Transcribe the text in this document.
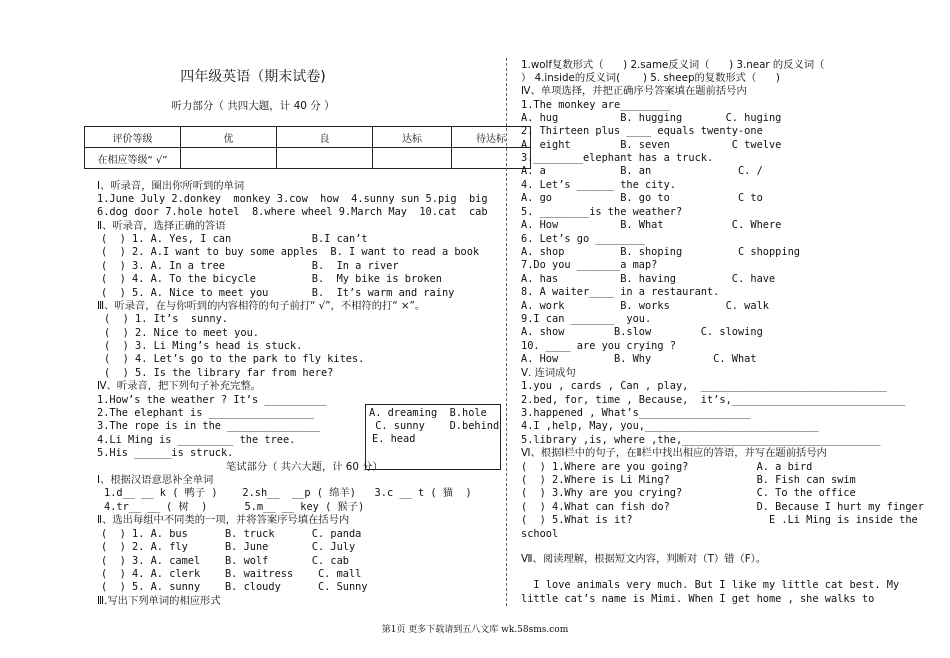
四年级英语（期末试卷)
听力部分（ 共四大题，计 40 分 ）
评价等级	优	良	达标	待达标
在相应等级“ √”				
Ⅰ、听录音，圈出你所听到的单词
1.June July 2.donkey  monkey 3.cow  how  4.sunny sun 5.pig  big
6.dog door 7.hole hotel  8.where wheel 9.March May  10.cat  cab
Ⅱ、听录音，选择正确的答语
(  ) 1. A. Yes, I can             B.I can’t
(  ) 2. A.I want to buy some apples  B. I want to read a book
(  ) 3. A. In a tree              B.  In a river
(  ) 4. A. To the bicycle         B.  My bike is broken
(  ) 5. A. Nice to meet you       B.  It’s warm and rainy
Ⅲ、听录音，在与你听到的内容相符的句子前打“ √”，不相符的打“ ×”。
(  ) 1. It’s  sunny.
(  ) 2. Nice to meet you.
(  ) 3. Li Ming’s head is stuck.
(  ) 4. Let’s go to the park to fly kites.
(  ) 5. Is the library far from here?
Ⅳ、听录音，把下列句子补充完整。
1.How’s the weather ? It’s __________
2.The elephant is _________________
3.The rope is in the _______________
4.Li Ming is _________ the tree.
5.His ______is struck.
笔试部分（ 共六大题，计 60 分）
Ⅰ、根据汉语意思补全单词
1.d__ __ k ( 鸭子 )    2.sh__  __p ( 绵羊)   3.c __ t ( 猫  )
4.tr__ __ ( 树  )      5.m__ __ key ( 猴子)
Ⅱ、选出每组中不同类的一项，并将答案序号填在括号内
(  ) 1. A. bus      B. truck      C. panda
(  ) 2. A. fly      B. June       C. July
(  ) 3. A. camel    B. wolf       C. cab
(  ) 4. A. clerk    B. waitress    C. mall
(  ) 5. A. sunny    B. cloudy      C. Sunny
Ⅲ.写出下列单词的相应形式
A. dreaming  B.hole
C. sunny    D.behind
E. head
1.wolf复数形式（      ) 2.same反义词（      ) 3.near 的反义词（
） 4.inside的反义词(       ) 5. sheep的复数形式（      )
Ⅳ、单项选择，并把正确序号答案填在题前括号内
1.The monkey are________
A. hug          B. hugging       C. huging
2. Thirteen plus ____ equals twenty-one
A. eight        B. seven          C twelve
3.________elephant has a truck.
A. a            B. an              C. /
4. Let’s ______ the city.
A. go           B. go to           C to
5. ________is the weather?
A. How          B. What           C. Where
6. Let’s go ________
A. shop         B. shoping         C shopping
7.Do you _______a map?
A. has          B. having         C. have
8. A waiter____ in a restaurant.
A. work         B. works         C. walk
9.I can _______  you.
A. show        B.slow        C. slowing
10. ____ are you crying ?
A. How         B. Why          C. What
Ⅴ. 连词成句
1.you , cards , Can , play,  ______________________________
2.bed, for, time , Because,  it’s,____________________________
3.happened , What’s__________________
4.I ,help, May, you,____________________________
5.library ,is, where ,the,________________________________
Ⅵ、根据Ⅰ栏中的句子，在Ⅱ栏中找出相应的答语，并写在题前括号内
(  ) 1.Where are you going?           A. a bird
(  ) 2.Where is Li Ming?              B. Fish can swim
(  ) 3.Why are you crying?            C. To the office
(  ) 4.What can fish do?              D. Because I hurt my finger
(  ) 5.What is it?                      E .Li Ming is inside the
school
Ⅶ、阅读理解，根据短文内容，判断对（T）错（F）。
I love animals very much. But I like my little cat best. My
little cat’s name is Mimi. When I get home , she walks to
第1页 更多下载请到五八文库 wk.58sms.com
